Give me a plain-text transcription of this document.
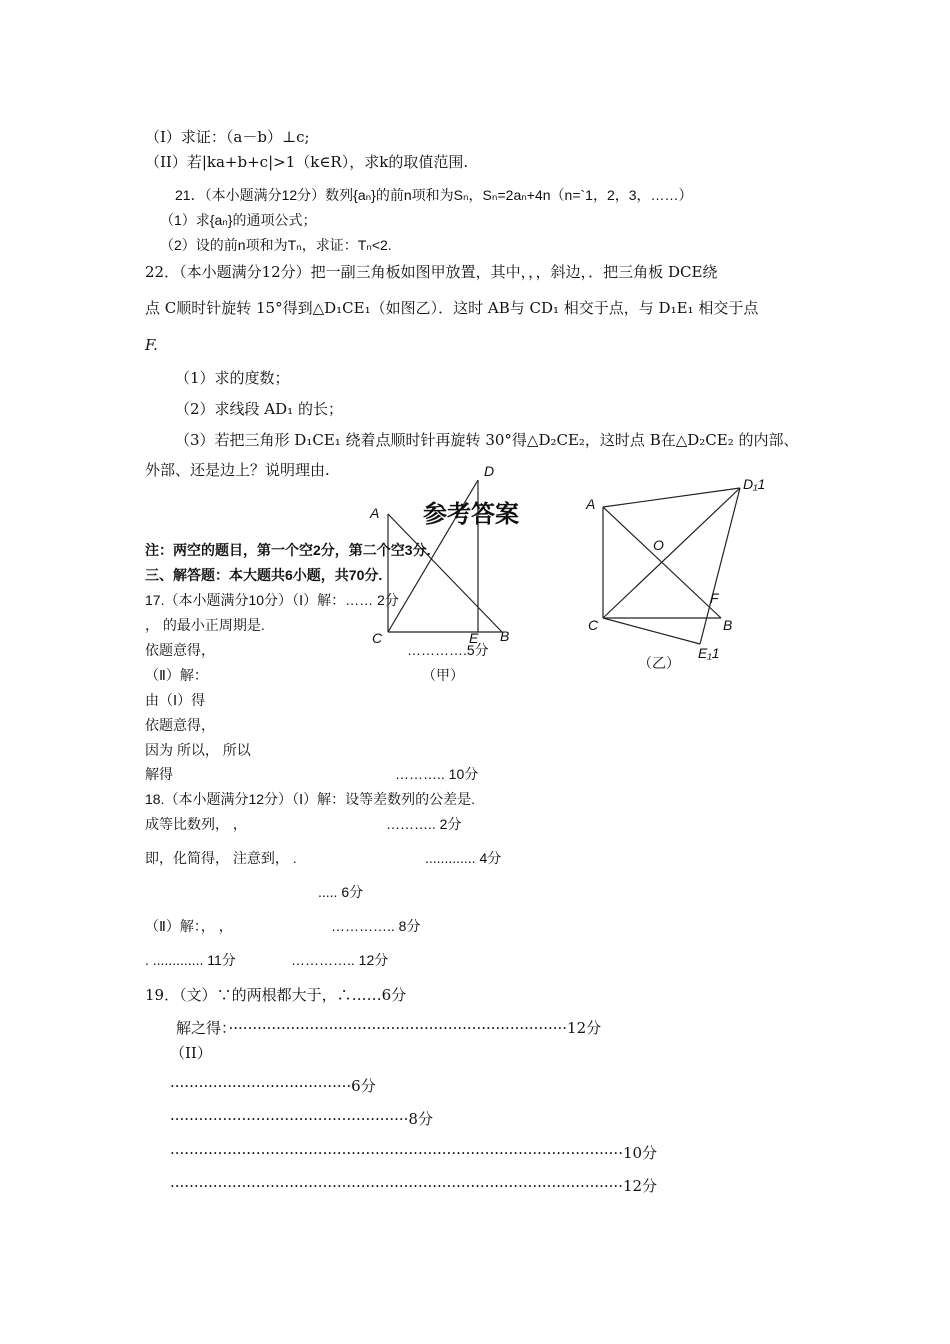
（I）求证：（a－b）⊥c;
（II）若|ka+b+c|>1（k∈R），求k的取值范围.
21．（本小题满分12分）数列{aₙ}的前n项和为Sₙ，Sₙ=2aₙ+4n（n=`1，2，3，……）
（1）求{aₙ}的通项公式；
（2）设的前n项和为Tₙ，求证：Tₙ<2.
22．（本小题满分12分）把一副三角板如图甲放置，其中，，，斜边，．把三角板 DCE绕
点 C顺时针旋转 15°得到△D₁CE₁（如图乙）．这时 AB与 CD₁ 相交于点，与 D₁E₁ 相交于点
F.
（1）求的度数；
（2）求线段 AD₁ 的长；
（3）若把三角形 D₁CE₁ 绕着点顺时针再旋转 30°得△D₂CE₂，这时点 B在△D₂CE₂ 的内部、
外部、还是边上？说明理由.
A
D
C	E B
（甲）
A
D₁1
O
F
C	B
E₁1
（乙）
参考答案
注：两空的题目，第一个空2分，第二个空3分.
三、解答题：本大题共6小题，共70分.
17.（本小题满分10分）（Ⅰ）解：…… 2分
， 的最小正周期是.
依题意得，	………….5分
（Ⅱ）解：
由（Ⅰ）得
依题意得，
因为 所以， 所以
解得	……….. 10分
18.（本小题满分12分）（Ⅰ）解：设等差数列的公差是.
成等比数列， ，	……….. 2分
即，化简得， 注意到， .	............. 4分
..... 6分
（Ⅱ）解：， ，	………….. 8分
. ............. 11分	………….. 12分
19．（文）∵的两根都大于，∴……6分
解之得：·······································································12分
（II）
······································6分
··················································8分
·······························································································10分
·······························································································12分
